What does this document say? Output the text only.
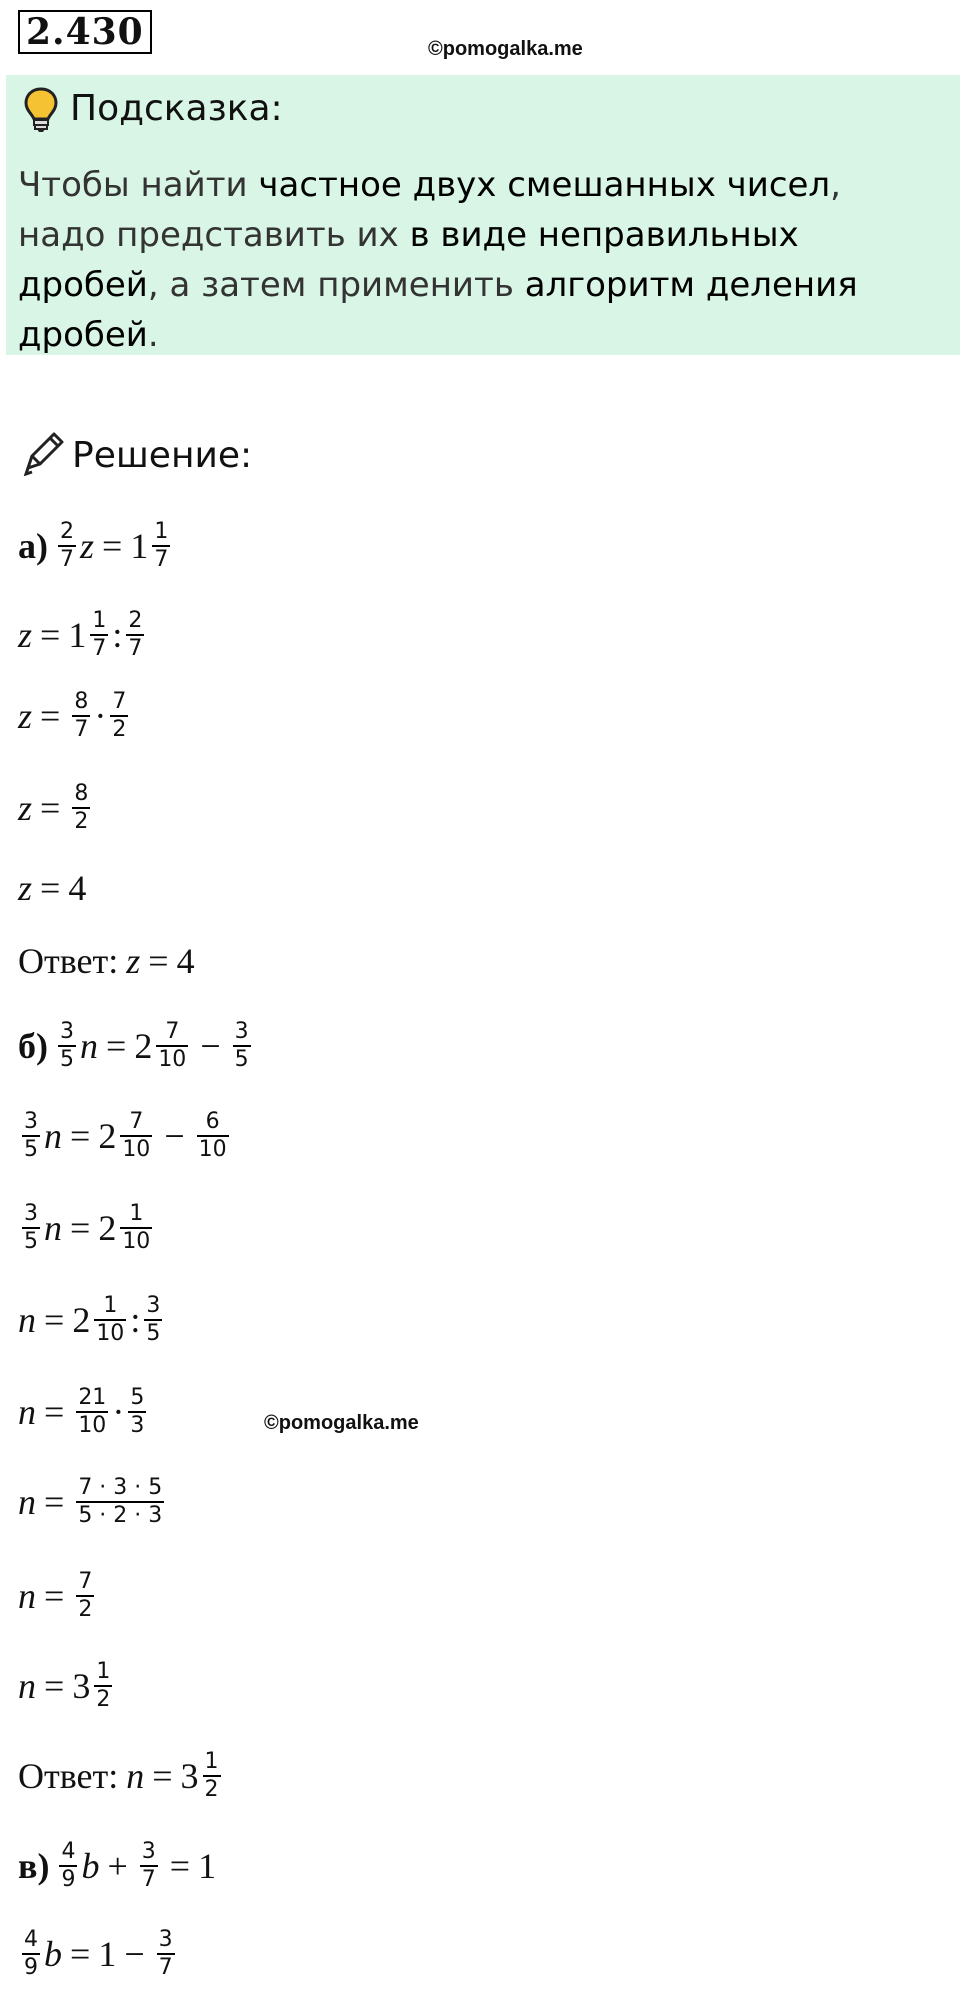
2.430	©pomogalka.me
Подсказка:
Чтобы найти частное двух смешанных чисел, надо представить их в виде неправильных дробей, а затем применить алгоритм деления дробей.
Решение:
а) 2
7 $z = 1 \frac{1}{7}$
$z = 1 \frac{1}{7}$ : 2
7
$z = \frac{8}{7} \cdot 7$
2
$z = \frac{8}{2}$
z = 4
Ответ: z = 4
б) 3
5 $n = 2 \frac{7}{10} - \frac{3}{5}$
3
5 $n = 2 \frac{7}{10} - \frac{6}{10}$
3
5 $n = 2 \frac{1}{10}$
$n = 2 \frac{1}{10}$ : 3
5
$n = \frac{21}{10} \cdot 5$
3	©pomogalka.me
$n = \frac{7 \cdot 3 \cdot 5}{5 \cdot 2 \cdot 3}$
$n = \frac{7}{2}$
$n = 3 \frac{1}{2}$
Ответ: $n = 3 \frac{1}{2}$
в) 4
9 $b + \frac{3}{7} = 1$
4
9 $b = 1 - \frac{3}{7}$
